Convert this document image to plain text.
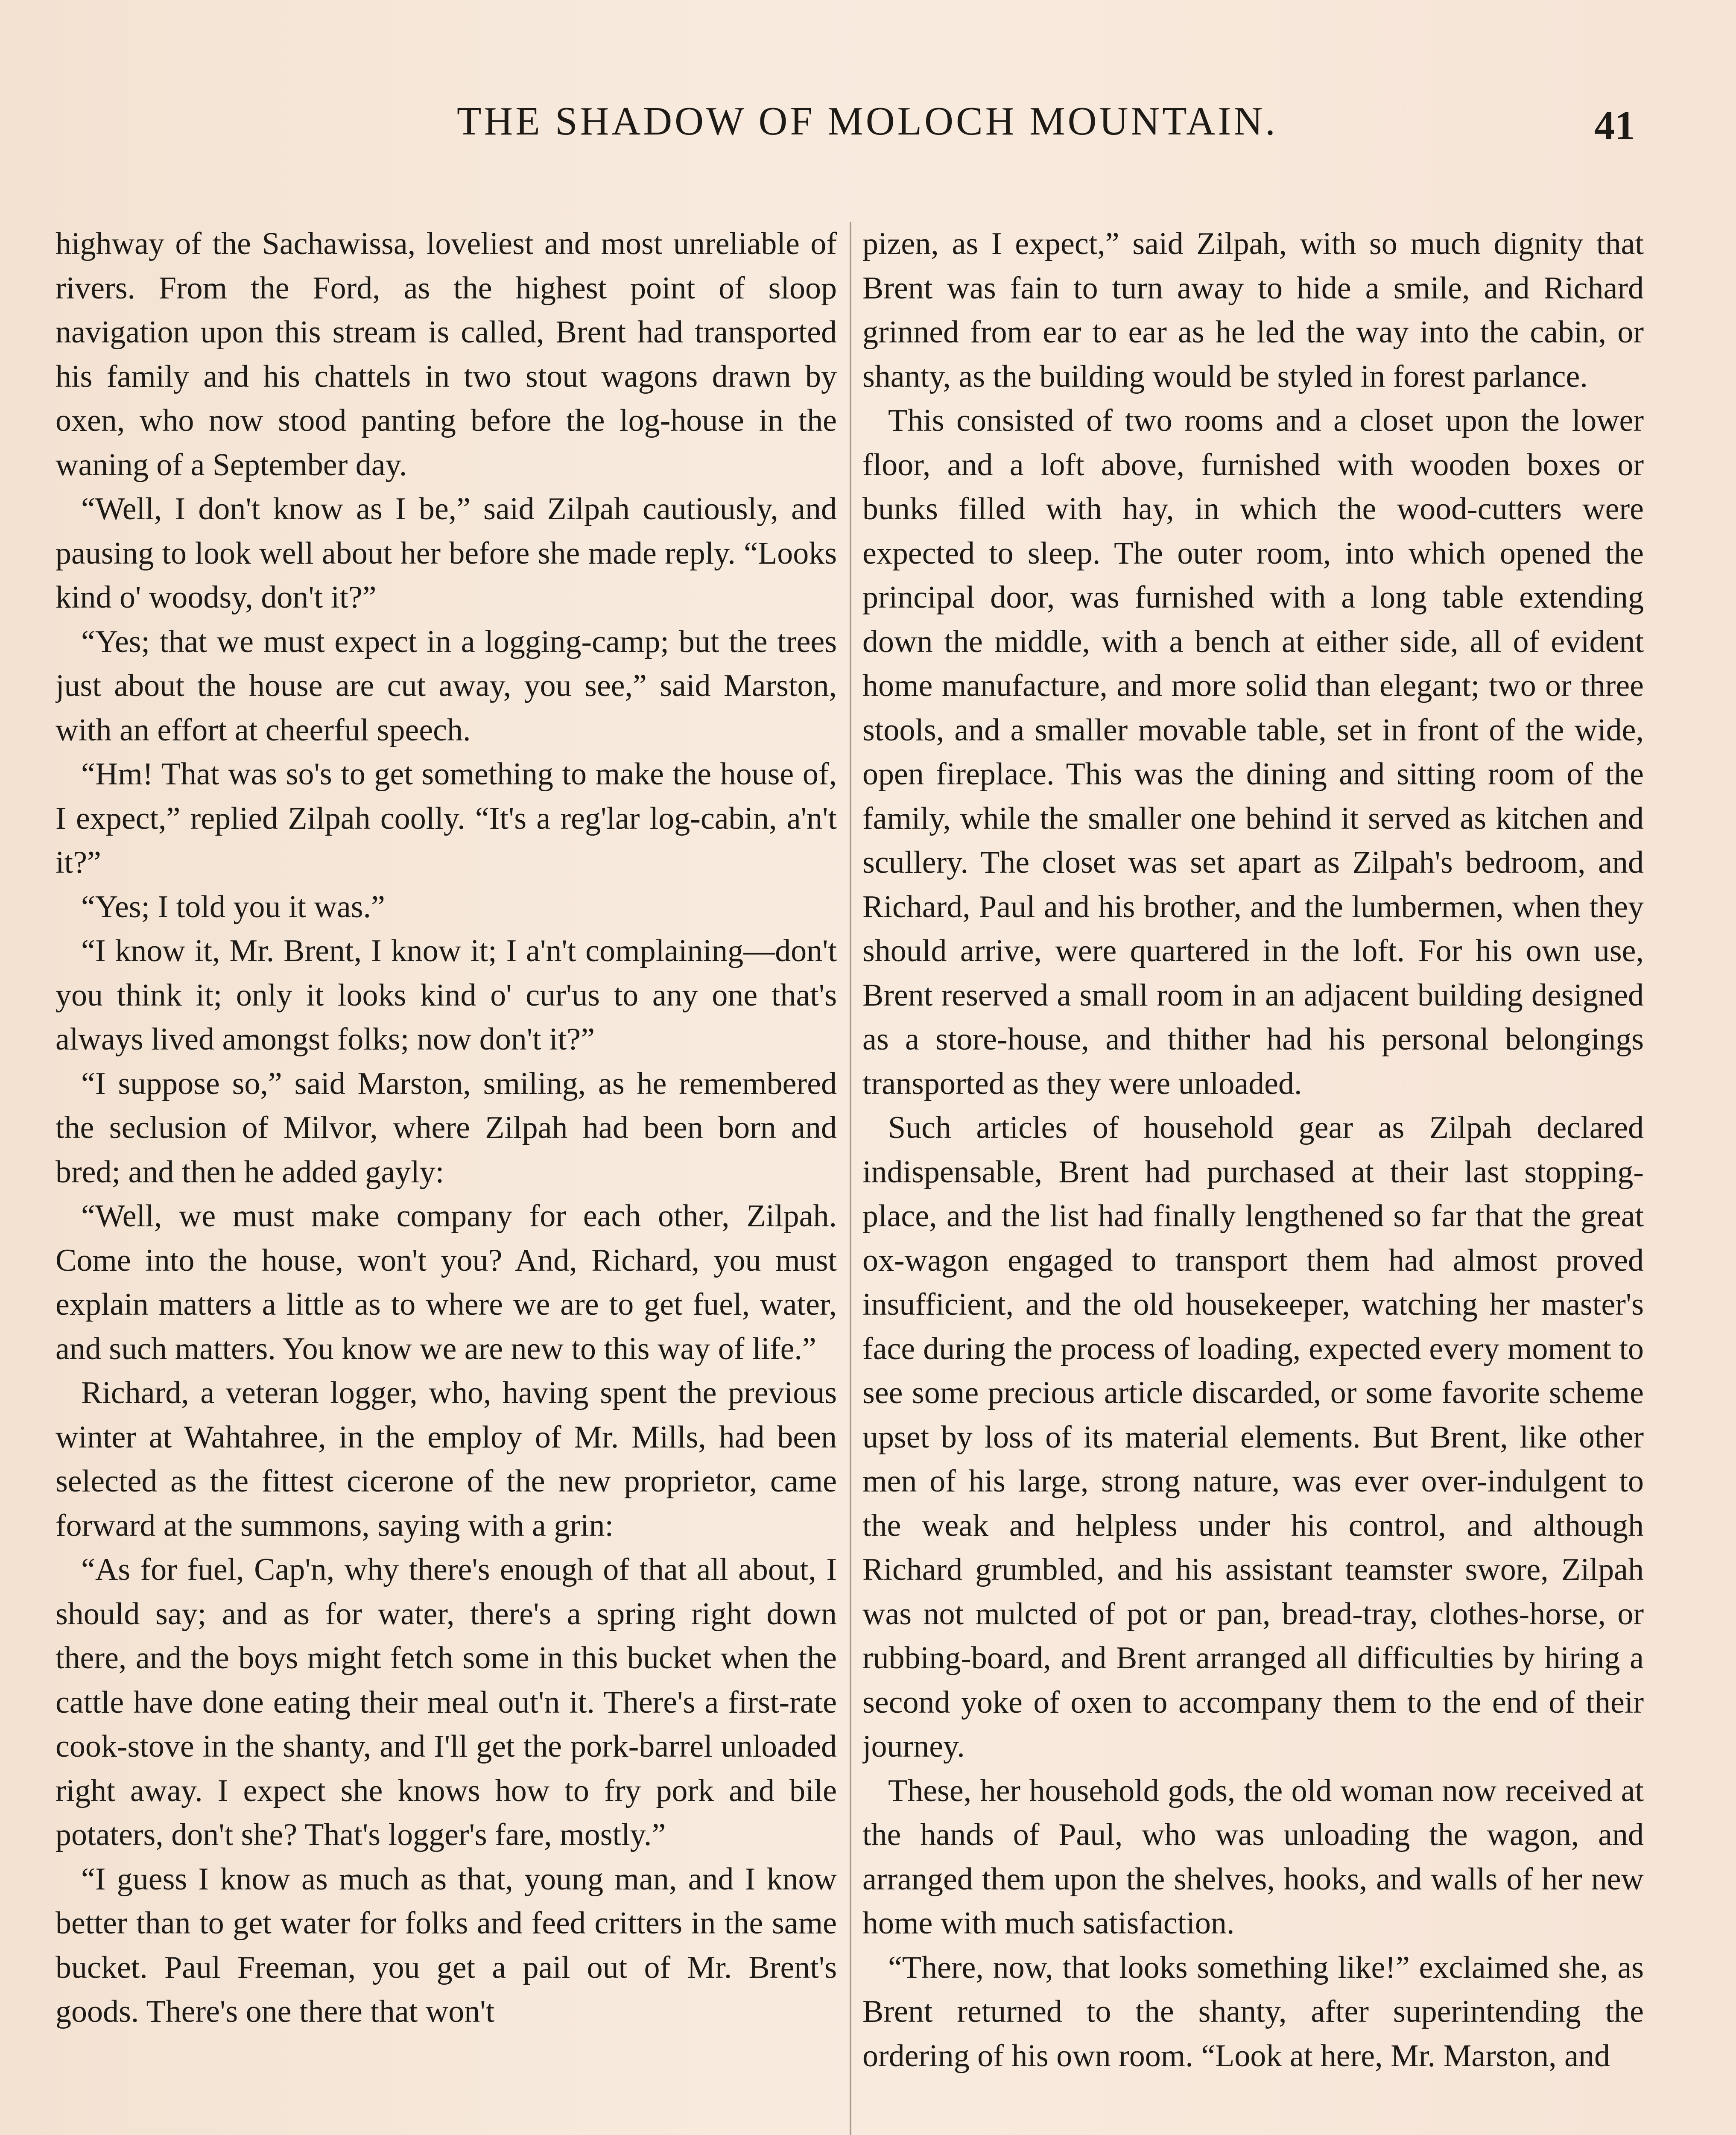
THE SHADOW OF MOLOCH MOUNTAIN.	41

highway of the Sachawissa, loveliest and most unreliable of rivers. From the Ford, as the highest point of sloop navigation upon this stream is called, Brent had transported his family and his chattels in two stout wagons drawn by oxen, who now stood panting before the log-house in the waning of a September day.

“Well, I don't know as I be,” said Zilpah cautiously, and pausing to look well about her before she made reply. “Looks kind o' woodsy, don't it?”

“Yes; that we must expect in a logging-camp; but the trees just about the house are cut away, you see,” said Marston, with an effort at cheerful speech.

“Hm! That was so's to get something to make the house of, I expect,” replied Zilpah coolly. “It's a reg'lar log-cabin, a'n't it?”

“Yes; I told you it was.”

“I know it, Mr. Brent, I know it; I a'n't complaining—don't you think it; only it looks kind o' cur'us to any one that's always lived amongst folks; now don't it?”

“I suppose so,” said Marston, smiling, as he remembered the seclusion of Milvor, where Zilpah had been born and bred; and then he added gayly:

“Well, we must make company for each other, Zilpah. Come into the house, won't you? And, Richard, you must explain matters a little as to where we are to get fuel, water, and such matters. You know we are new to this way of life.”

Richard, a veteran logger, who, having spent the previous winter at Wahtahree, in the employ of Mr. Mills, had been selected as the fittest cicerone of the new proprietor, came forward at the summons, saying with a grin:

“As for fuel, Cap'n, why there's enough of that all about, I should say; and as for water, there's a spring right down there, and the boys might fetch some in this bucket when the cattle have done eating their meal out'n it. There's a first-rate cook-stove in the shanty, and I'll get the pork-barrel unloaded right away. I expect she knows how to fry pork and bile potaters, don't she? That's logger's fare, mostly.”

“I guess I know as much as that, young man, and I know better than to get water for folks and feed critters in the same bucket. Paul Freeman, you get a pail out of Mr. Brent's goods. There's one there that won't

pizen, as I expect,” said Zilpah, with so much dignity that Brent was fain to turn away to hide a smile, and Richard grinned from ear to ear as he led the way into the cabin, or shanty, as the building would be styled in forest parlance.

This consisted of two rooms and a closet upon the lower floor, and a loft above, furnished with wooden boxes or bunks filled with hay, in which the wood-cutters were expected to sleep. The outer room, into which opened the principal door, was furnished with a long table extending down the middle, with a bench at either side, all of evident home manufacture, and more solid than elegant; two or three stools, and a smaller movable table, set in front of the wide, open fireplace. This was the dining and sitting room of the family, while the smaller one behind it served as kitchen and scullery. The closet was set apart as Zilpah's bedroom, and Richard, Paul and his brother, and the lumbermen, when they should arrive, were quartered in the loft. For his own use, Brent reserved a small room in an adjacent building designed as a store-house, and thither had his personal belongings transported as they were unloaded.

Such articles of household gear as Zilpah declared indispensable, Brent had purchased at their last stopping-place, and the list had finally lengthened so far that the great ox-wagon engaged to transport them had almost proved insufficient, and the old housekeeper, watching her master's face during the process of loading, expected every moment to see some precious article discarded, or some favorite scheme upset by loss of its material elements. But Brent, like other men of his large, strong nature, was ever over-indulgent to the weak and helpless under his control, and although Richard grumbled, and his assistant teamster swore, Zilpah was not mulcted of pot or pan, bread-tray, clothes-horse, or rubbing-board, and Brent arranged all difficulties by hiring a second yoke of oxen to accompany them to the end of their journey.

These, her household gods, the old woman now received at the hands of Paul, who was unloading the wagon, and arranged them upon the shelves, hooks, and walls of her new home with much satisfaction.

“There, now, that looks something like!” exclaimed she, as Brent returned to the shanty, after superintending the ordering of his own room. “Look at here, Mr. Marston, and
